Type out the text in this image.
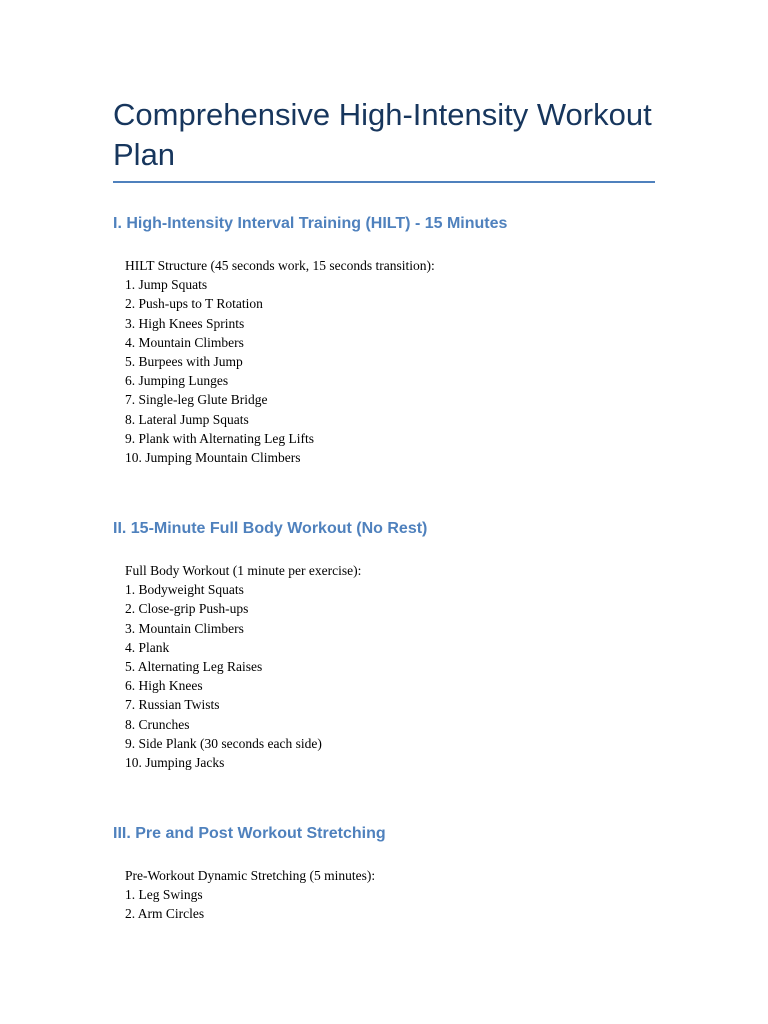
Comprehensive High-Intensity Workout Plan
I. High-Intensity Interval Training (HILT) - 15 Minutes
HILT Structure (45 seconds work, 15 seconds transition):
1. Jump Squats
2. Push-ups to T Rotation
3. High Knees Sprints
4. Mountain Climbers
5. Burpees with Jump
6. Jumping Lunges
7. Single-leg Glute Bridge
8. Lateral Jump Squats
9. Plank with Alternating Leg Lifts
10. Jumping Mountain Climbers
II. 15-Minute Full Body Workout (No Rest)
Full Body Workout (1 minute per exercise):
1. Bodyweight Squats
2. Close-grip Push-ups
3. Mountain Climbers
4. Plank
5. Alternating Leg Raises
6. High Knees
7. Russian Twists
8. Crunches
9. Side Plank (30 seconds each side)
10. Jumping Jacks
III. Pre and Post Workout Stretching
Pre-Workout Dynamic Stretching (5 minutes):
1. Leg Swings
2. Arm Circles
